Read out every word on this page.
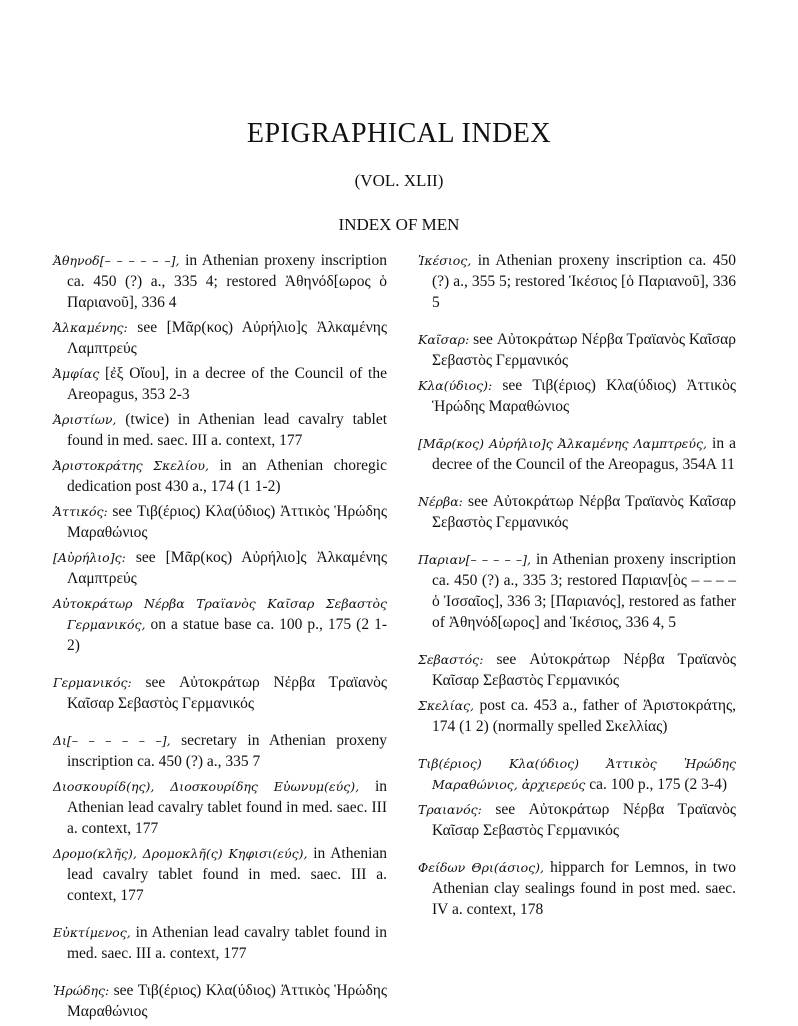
EPIGRAPHICAL INDEX
(VOL. XLII)
INDEX OF MEN

Ἀθηνοδ[– – – – – –], in Athenian proxeny inscription ca. 450 (?) a., 335 4; restored Ἀθηνόδ[ωρος ὁ Παριανοῦ], 336 4

Ἀλκαμένης: see [Μᾶρ(κος) Αὐρήλιο]ς Ἀλκαμένης Λαμπτρεύς

Ἀμφίας [ἐξ Οἴου], in a decree of the Council of the Areopagus, 353 2-3

Ἀριστίων, (twice) in Athenian lead cavalry tablet found in med. saec. III a. context, 177

Ἀριστοκράτης Σκελίου, in an Athenian choregic dedication post 430 a., 174 (1 1-2)

Ἀττικός: see Τιβ(έριος) Κλα(ύδιος) Ἀττικὸς Ἡρώδης Μαραθώνιος

[Αὐρήλιο]ς: see [Μᾶρ(κος) Αὐρήλιο]ς Ἀλκαμένης Λαμπτρεύς

Αὐτοκράτωρ Νέρβα Τραϊανὸς Καῖσαρ Σεβαστὸς Γερμανικός, on a statue base ca. 100 p., 175 (2 1-2)

Γερμανικός: see Αὐτοκράτωρ Νέρβα Τραϊανὸς Καῖσαρ Σεβαστὸς Γερμανικός

Δι[– – – – – –], secretary in Athenian proxeny inscription ca. 450 (?) a., 335 7

Διοσκουρίδ(ης), Διοσκουρίδης Εὐωνυμ(εύς), in Athenian lead cavalry tablet found in med. saec. III a. context, 177

Δρομο(κλῆς), Δρομοκλῆ(ς) Κηφισι(εύς), in Athenian lead cavalry tablet found in med. saec. III a. context, 177

Εὐκτίμενος, in Athenian lead cavalry tablet found in med. saec. III a. context, 177

Ἡρώδης: see Τιβ(έριος) Κλα(ύδιος) Ἀττικὸς Ἡρώδης Μαραθώνιος

Ἱκέσιος, in Athenian proxeny inscription ca. 450 (?) a., 355 5; restored Ἱκέσιος [ὁ Παριανοῦ], 336 5

Καῖσαρ: see Αὐτοκράτωρ Νέρβα Τραϊανὸς Καῖσαρ Σεβαστὸς Γερμανικός

Κλα(ύδιος): see Τιβ(έριος) Κλα(ύδιος) Ἀττικὸς Ἡρώδης Μαραθώνιος

[Μᾶρ(κος) Αὐρήλιο]ς Ἀλκαμένης Λαμπτρεύς, in a decree of the Council of the Areopagus, 354A 11

Νέρβα: see Αὐτοκράτωρ Νέρβα Τραϊανὸς Καῖσαρ Σεβαστὸς Γερμανικός

Παριαν[– – – – –], in Athenian proxeny inscription ca. 450 (?) a., 335 3; restored Παριαν[ὸς – – – – ὁ Ἰσσαῖος], 336 3; [Παριανός], restored as father of Ἀθηνόδ[ωρος] and Ἱκέσιος, 336 4, 5

Σεβαστός: see Αὐτοκράτωρ Νέρβα Τραϊανὸς Καῖσαρ Σεβαστὸς Γερμανικός

Σκελίας, post ca. 453 a., father of Ἀριστοκράτης, 174 (1 2) (normally spelled Σκελλίας)

Τιβ(έριος) Κλα(ύδιος) Ἀττικὸς Ἡρώδης Μαραθώνιος, ἀρχιερεύς ca. 100 p., 175 (2 3-4)

Τραιανός: see Αὐτοκράτωρ Νέρβα Τραϊανὸς Καῖσαρ Σεβαστὸς Γερμανικός

Φείδων Θρι(άσιος), hipparch for Lemnos, in two Athenian clay sealings found in post med. saec. IV a. context, 178
